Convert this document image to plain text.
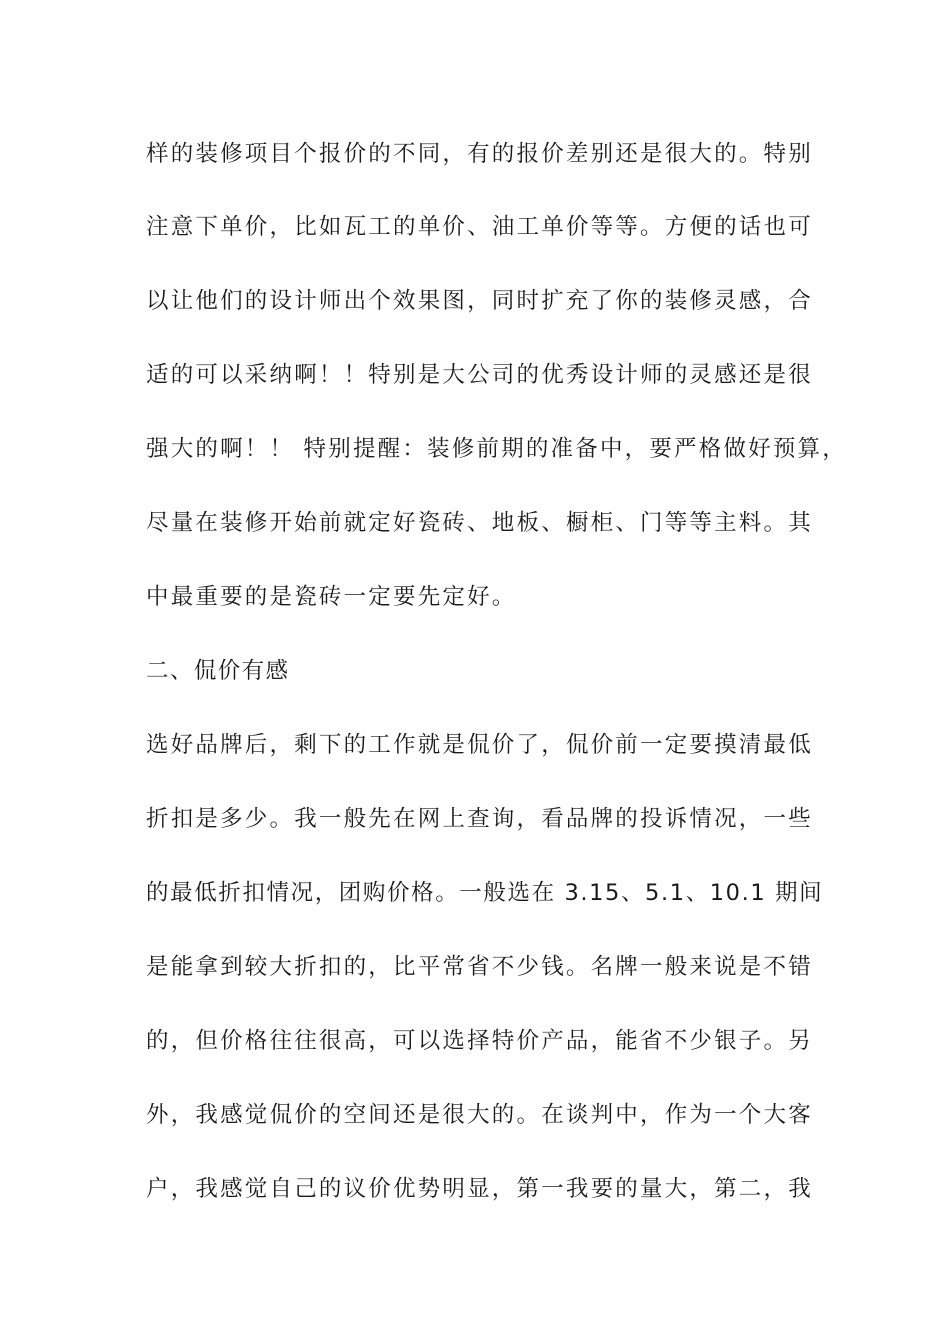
样的装修项目个报价的不同，有的报价差别还是很大的。特别
注意下单价，比如瓦工的单价、油工单价等等。方便的话也可
以让他们的设计师出个效果图，同时扩充了你的装修灵感，合
适的可以采纳啊！！特别是大公司的优秀设计师的灵感还是很
强大的啊！！ 特别提醒：装修前期的准备中，要严格做好预算，
尽量在装修开始前就定好瓷砖、地板、橱柜、门等等主料。其
中最重要的是瓷砖一定要先定好。
二、侃价有感
选好品牌后，剩下的工作就是侃价了，侃价前一定要摸清最低
折扣是多少。我一般先在网上查询，看品牌的投诉情况，一些
的最低折扣情况，团购价格。一般选在 3.15、5.1、10.1 期间
是能拿到较大折扣的，比平常省不少钱。名牌一般来说是不错
的，但价格往往很高，可以选择特价产品，能省不少银子。另
外，我感觉侃价的空间还是很大的。在谈判中，作为一个大客
户，我感觉自己的议价优势明显，第一我要的量大，第二，我
